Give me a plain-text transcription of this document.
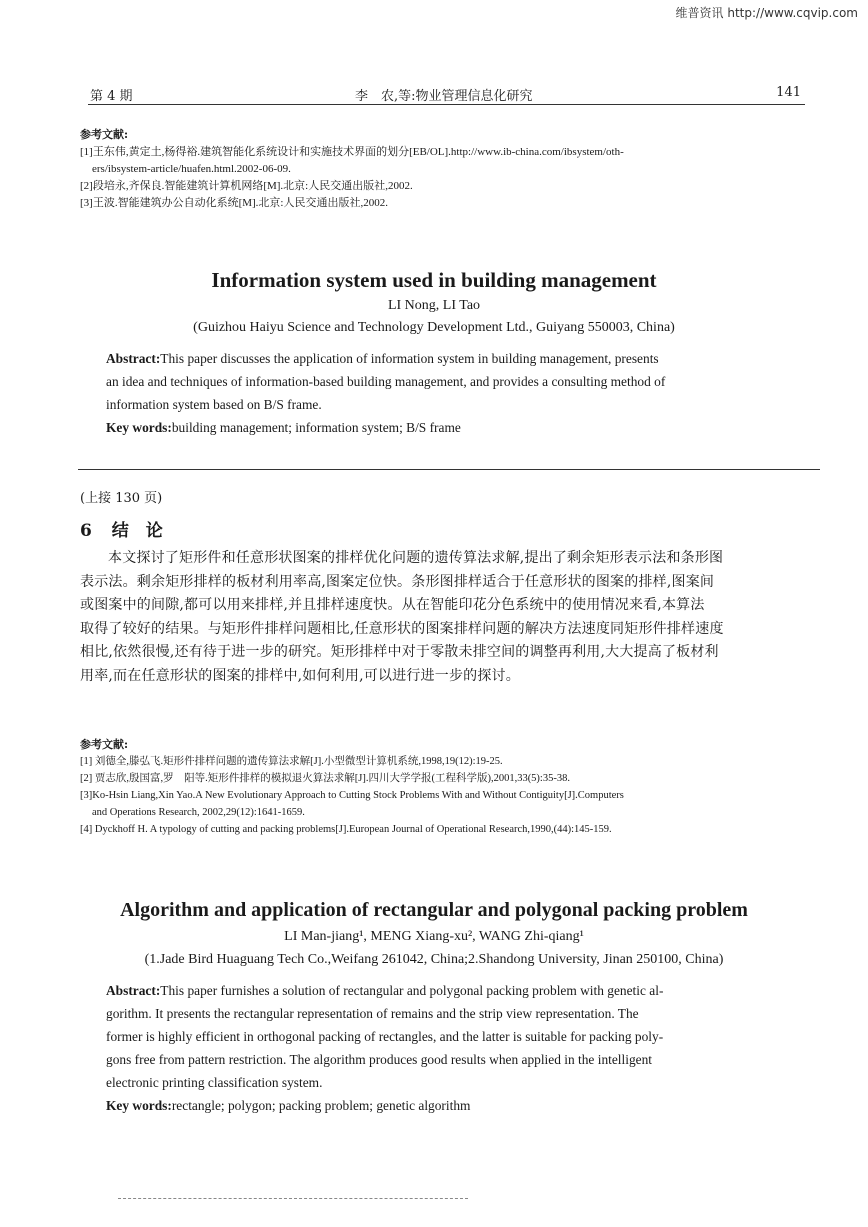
维普资讯 http://www.cqvip.com
第 4 期	李　农,等:物业管理信息化研究	141
参考文献:
[1]王东伟,黄定土,杨得裕.建筑智能化系统设计和实施技术界面的划分[EB/OL].http://www.ib-china.com/ibsystem/oth-
ers/ibsystem-article/huafen.html.2002-06-09.
[2]段培永,齐保良.智能建筑计算机网络[M].北京:人民交通出版社,2002.
[3]王波.智能建筑办公自动化系统[M].北京:人民交通出版社,2002.
Information system used in building management
LI Nong, LI Tao
(Guizhou Haiyu Science and Technology Development Ltd., Guiyang 550003, China)
Abstract:This paper discusses the application of information system in building management, presents
an idea and techniques of information-based building management, and provides a consulting method of
information system based on B/S frame.
Key words:building management; information system; B/S frame
(上接 130 页)
6 结　论
本文探讨了矩形件和任意形状图案的排样优化问题的遗传算法求解,提出了剩余矩形表示法和条形图
表示法。剩余矩形排样的板材利用率高,图案定位快。条形图排样适合于任意形状的图案的排样,图案间
或图案中的间隙,都可以用来排样,并且排样速度快。从在智能印花分色系统中的使用情况来看,本算法
取得了较好的结果。与矩形件排样问题相比,任意形状的图案排样问题的解决方法速度同矩形件排样速度
相比,依然很慢,还有待于进一步的研究。矩形排样中对于零散未排空间的调整再利用,大大提高了板材利
用率,而在任意形状的图案的排样中,如何利用,可以进行进一步的探讨。
参考文献:
[1] 刘德全,滕弘飞.矩形件排样问题的遗传算法求解[J].小型微型计算机系统,1998,19(12):19-25.
[2] 贾志欣,殷国富,罗　阳等.矩形件排样的模拟退火算法求解[J].四川大学学报(工程科学版),2001,33(5):35-38.
[3]Ko-Hsin Liang,Xin Yao.A New Evolutionary Approach to Cutting Stock Problems With and Without Contiguity[J].Computers
and Operations Research, 2002,29(12):1641-1659.
[4] Dyckhoff H. A typology of cutting and packing problems[J].European Journal of Operational Research,1990,(44):145-159.
Algorithm and application of rectangular and polygonal packing problem
LI Man-jiang¹, MENG Xiang-xu², WANG Zhi-qiang¹
(1.Jade Bird Huaguang Tech Co.,Weifang 261042, China;2.Shandong University, Jinan 250100, China)
Abstract:This paper furnishes a solution of rectangular and polygonal packing problem with genetic al-
gorithm. It presents the rectangular representation of remains and the strip view representation. The
former is highly efficient in orthogonal packing of rectangles, and the latter is suitable for packing poly-
gons free from pattern restriction. The algorithm produces good results when applied in the intelligent
electronic printing classification system.
Key words:rectangle; polygon; packing problem; genetic algorithm
